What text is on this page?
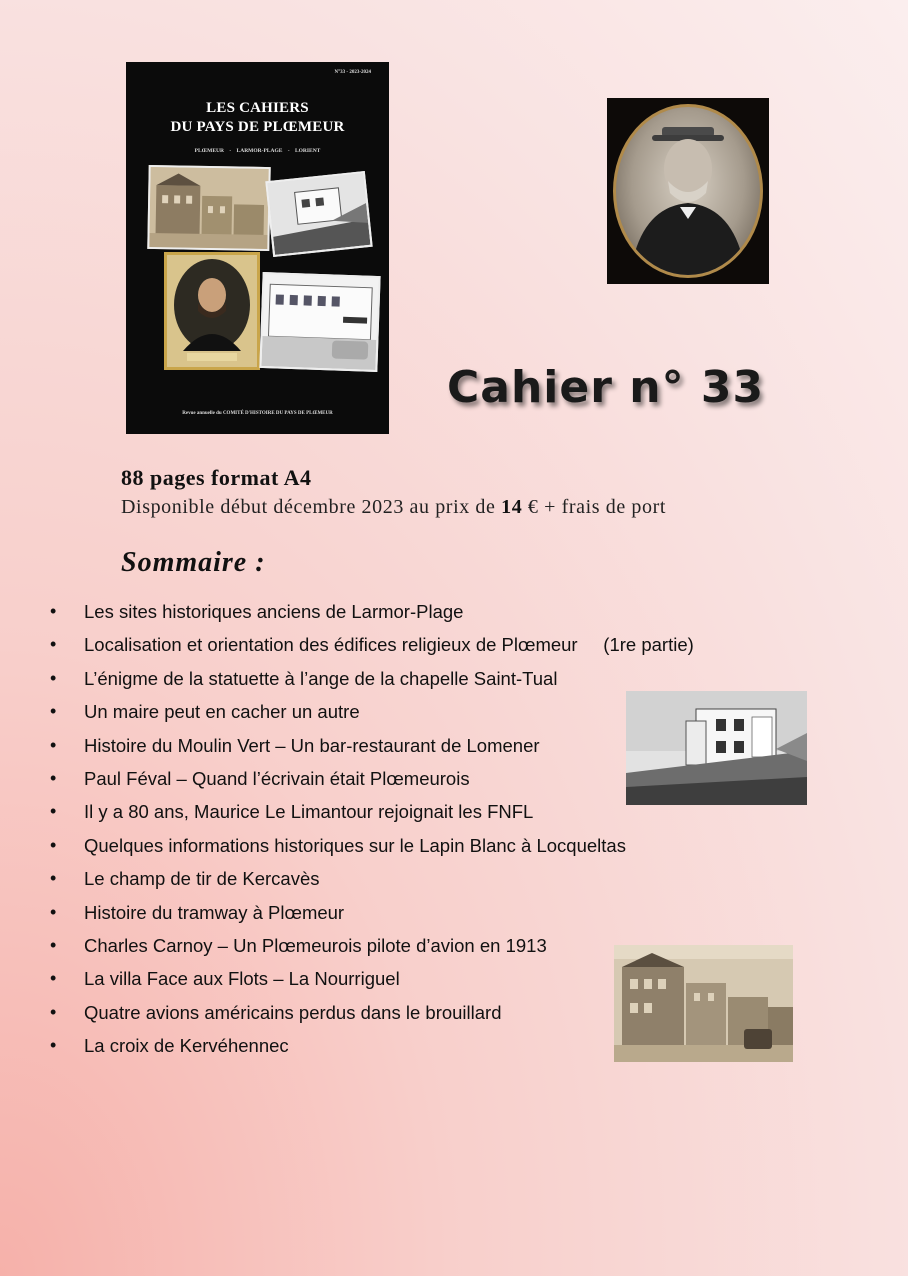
N°33 - 2023-2024
LES CAHIERS
DU PAYS DE PLŒMEUR
PLŒMEUR - LARMOR-PLAGE - LORIENT
Revue annuelle du COMITÉ D'HISTOIRE DU PAYS DE PLŒMEUR
Cahier n° 33
88 pages format A4
Disponible début décembre 2023 au prix de 14 € + frais de port
Sommaire :
• Les sites historiques anciens de Larmor-Plage
• Localisation et orientation des édifices religieux de Plœmeur     (1re partie)
• L’énigme de la statuette à l’ange de la chapelle Saint-Tual
• Un maire peut en cacher un autre
• Histoire du Moulin Vert – Un bar-restaurant de Lomener
• Paul Féval – Quand l’écrivain était Plœmeurois
• Il y a 80 ans, Maurice Le Limantour rejoignait les FNFL
• Quelques informations historiques sur le Lapin Blanc à Locqueltas
• Le champ de tir de Kercavès
• Histoire du tramway à Plœmeur
• Charles Carnoy – Un Plœmeurois pilote d’avion en 1913
• La villa Face aux Flots – La Nourriguel
• Quatre avions américains perdus dans le brouillard
• La croix de Kervéhennec
